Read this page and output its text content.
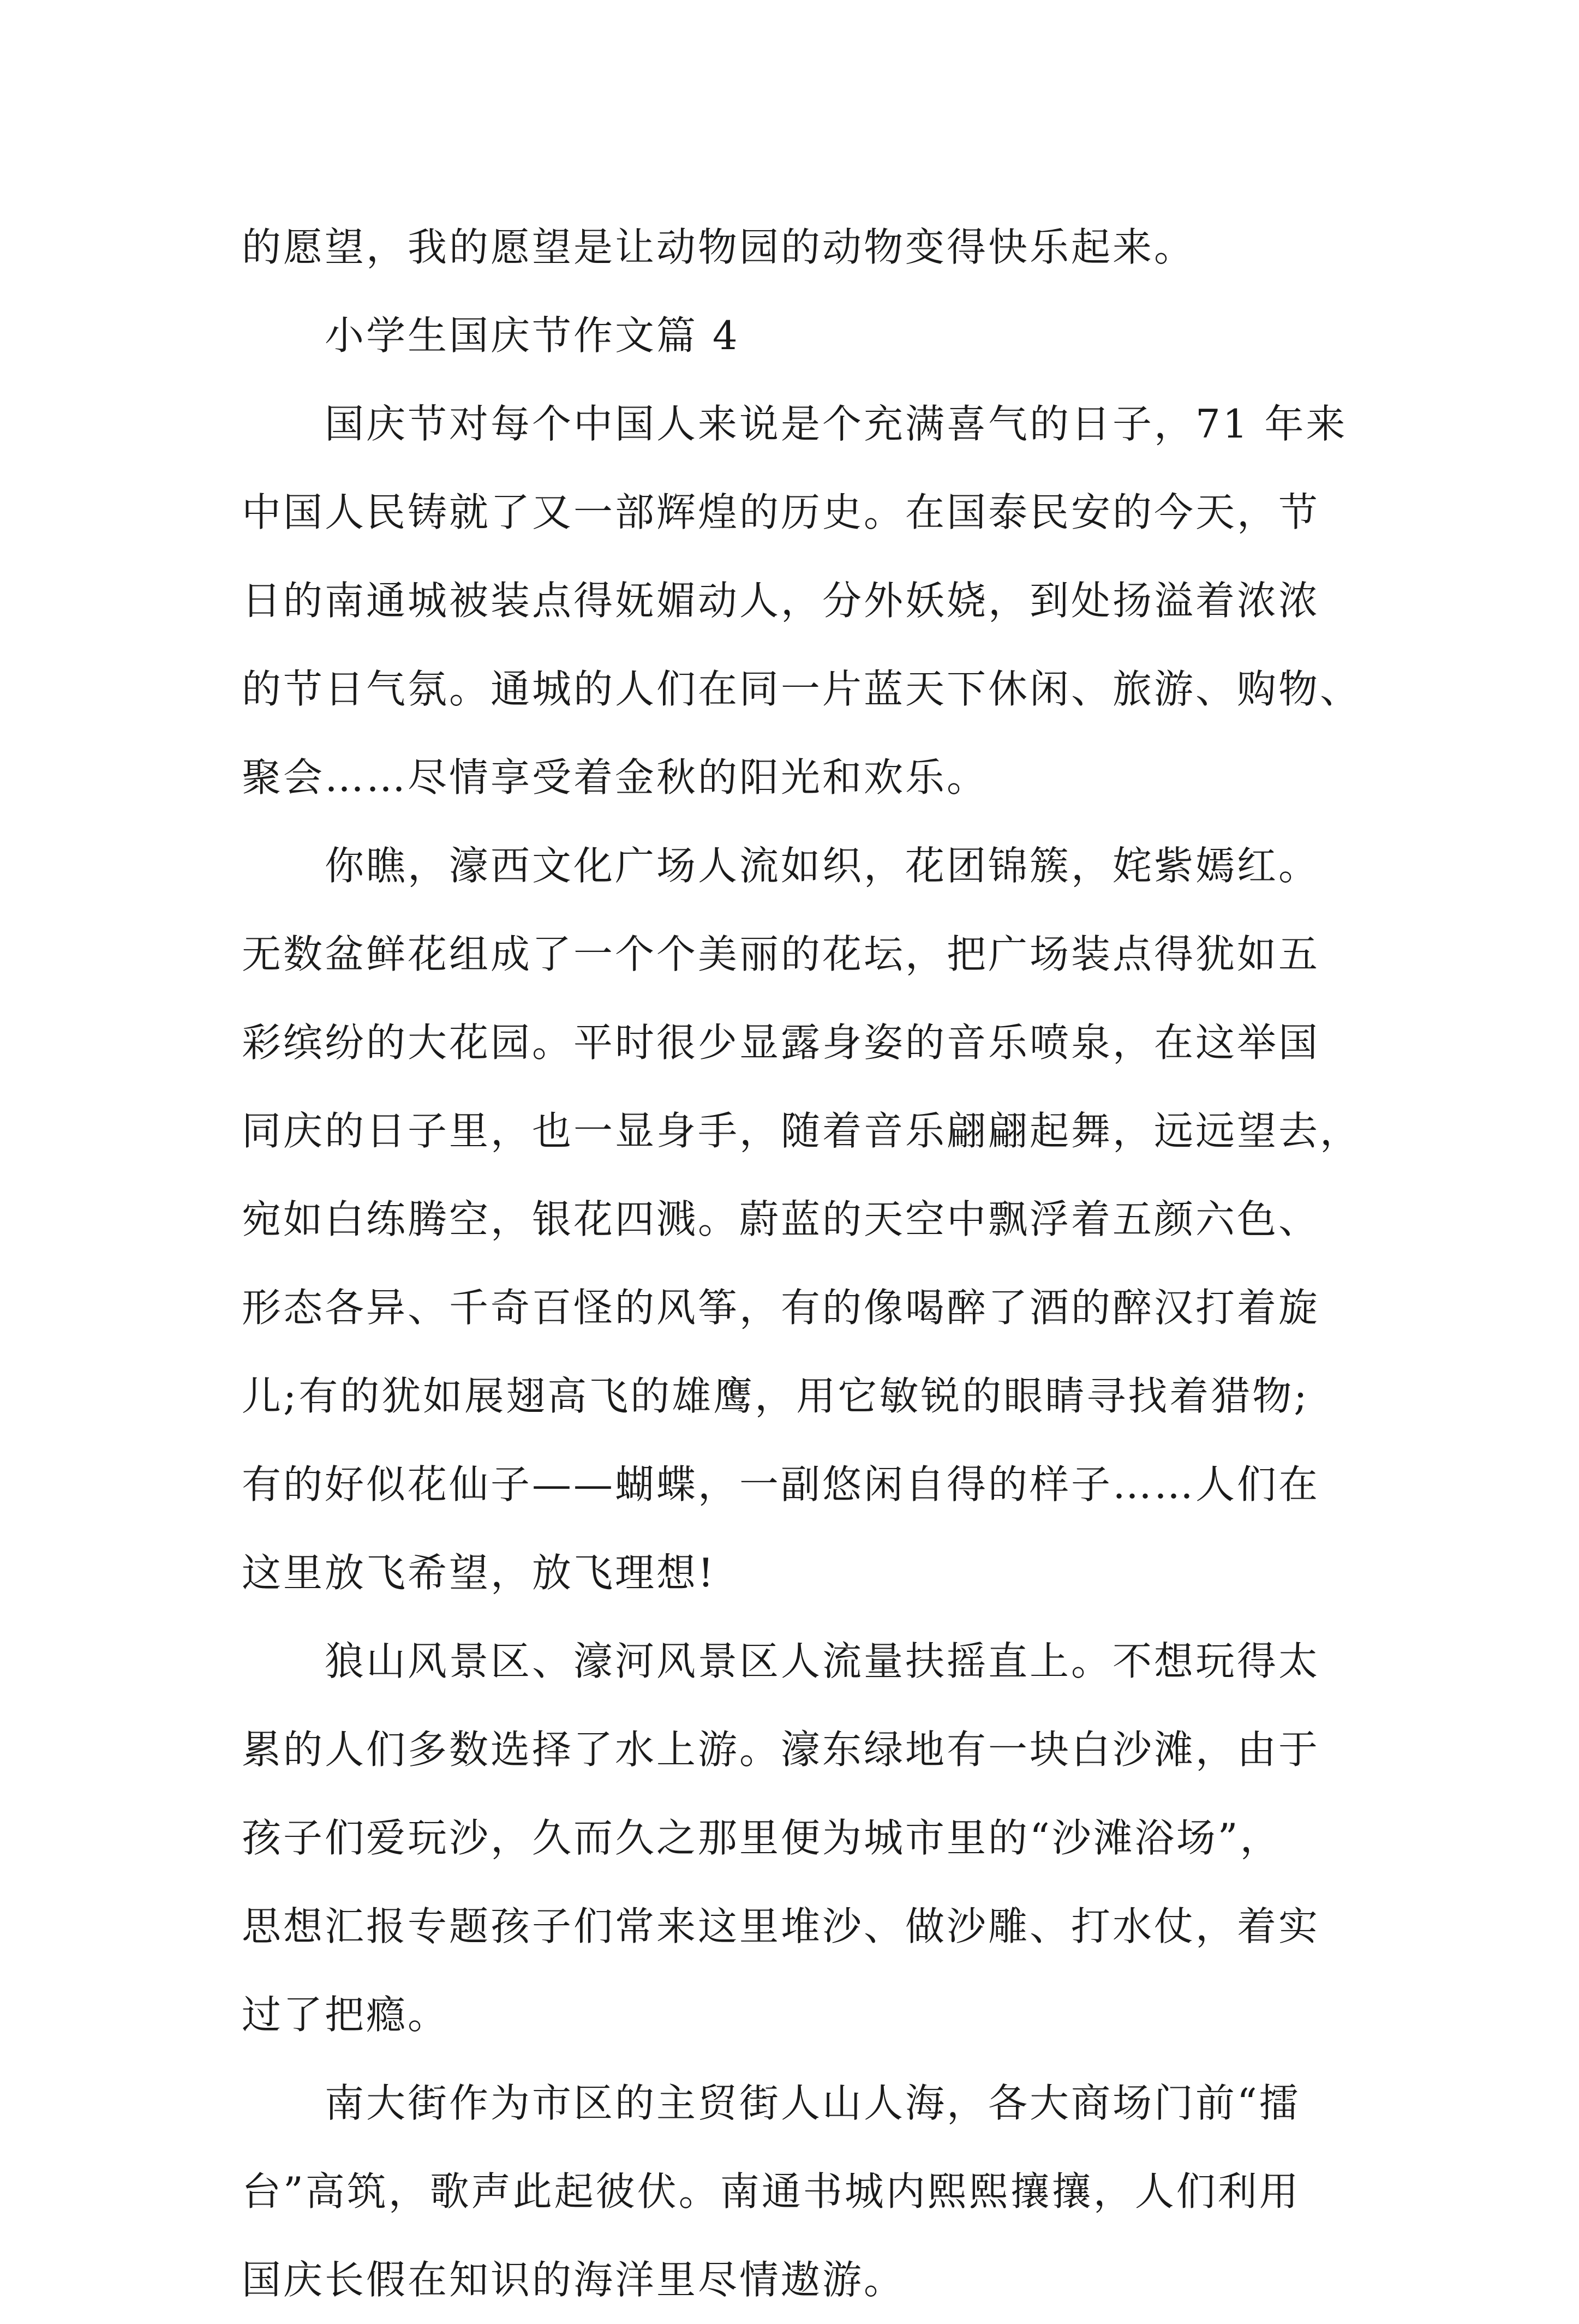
的愿望，我的愿望是让动物园的动物变得快乐起来。
小学生国庆节作文篇 4
国庆节对每个中国人来说是个充满喜气的日子，71 年来
中国人民铸就了又一部辉煌的历史。在国泰民安的今天，节
日的南通城被装点得妩媚动人，分外妖娆，到处扬溢着浓浓
的节日气氛。通城的人们在同一片蓝天下休闲、旅游、购物、
聚会……尽情享受着金秋的阳光和欢乐。
你瞧，濠西文化广场人流如织，花团锦簇，姹紫嫣红。
无数盆鲜花组成了一个个美丽的花坛，把广场装点得犹如五
彩缤纷的大花园。平时很少显露身姿的音乐喷泉，在这举国
同庆的日子里，也一显身手，随着音乐翩翩起舞，远远望去，
宛如白练腾空，银花四溅。蔚蓝的天空中飘浮着五颜六色、
形态各异、千奇百怪的风筝，有的像喝醉了酒的醉汉打着旋
儿;有的犹如展翅高飞的雄鹰，用它敏锐的眼睛寻找着猎物;
有的好似花仙子——蝴蝶，一副悠闲自得的样子……人们在
这里放飞希望，放飞理想!
狼山风景区、濠河风景区人流量扶摇直上。不想玩得太
累的人们多数选择了水上游。濠东绿地有一块白沙滩，由于
孩子们爱玩沙，久而久之那里便为城市里的“沙滩浴场”，
思想汇报专题孩子们常来这里堆沙、做沙雕、打水仗，着实
过了把瘾。
南大街作为市区的主贸街人山人海，各大商场门前“擂
台”高筑，歌声此起彼伏。南通书城内熙熙攘攘，人们利用
国庆长假在知识的海洋里尽情遨游。
